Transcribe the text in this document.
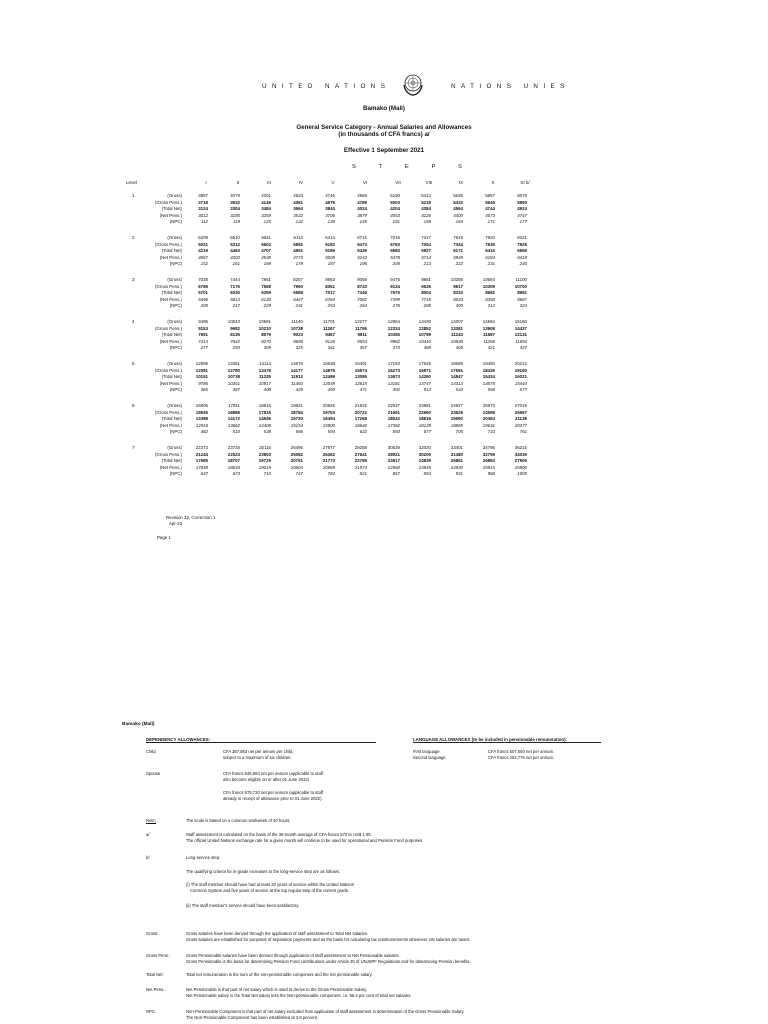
UNITED NATIONS	NATIONS UNIES
Bamako (Mali)
General Service Category - Annual Salaries and Allowances
(in thousands of CFA francs) a/
Effective 1 September 2021
S	T	E	P	S
Level	I	II	III	IV	V	VI	VII	VIII	IX	X	XI b/
1	(Gross)	3857	4079	4301	4523	4746	4968	5190	5412	5635	5857	6079
(Gross Pens.)	3718	3932	4146	4361	4575	4789	5003	5218	5432	5646	5860
(Total Net)	3124	3304	3484	3664	3844	4024	4204	4384	4564	4744	4924
(Net Pens.)	3012	3185	3359	3532	3706	3879	4053	4226	4400	4573	4747
(NPC)	112	119	125	132	138	145	151	158	164	171	177
2	(Gross)	5209	5510	5811	6112	6414	6715	7016	7317	7619	7920	8221
(Gross Pens.)	5021	5312	5602	5892	6183	6473	6763	7054	7344	7635	7925
(Total Net)	4219	4463	4707	4951	5195	5439	5683	5927	6171	6415	6659
(Net Pens.)	4067	4302	4538	4773	5008	5243	5478	5714	5949	6184	6419
(NPC)	152	161	169	178	187	196	205	213	222	231	240
3	(Gross)	7038	7444	7851	8257	8663	9069	9475	9881	10288	10694	11100
(Gross Pens.)	6785	7176	7568	7960	8351	8743	9134	9526	9917	10309	10700
(Total Net)	5701	6030	6359	6688	7017	7346	7675	8004	8333	8662	8991
(Net Pens.)	5496	5813	6130	6447	6764	7082	7399	7716	8033	8350	8667
(NPC)	205	217	229	241	253	264	276	288	300	312	324
4	(Gross)	9495	10043	10591	11140	11701	12277	12854	13430	14007	14584	15160
(Gross Pens.)	9153	9682	10210	10738	11267	11795	12324	12852	13381	13909	14437
(Total Net)	7691	8135	8579	9023	9467	9911	10355	10799	11243	11687	12131
(Net Pens.)	7414	7842	8270	8698	9126	9554	9982	10410	10838	11266	11694
(NPC)	277	293	309	325	341	357	373	389	405	421	437
5	(Gross)	12589	13351	14114	14876	15638	16401	17163	17925	18688	19450	20212
(Gross Pens.)	12081	12780	13478	14177	14875	15574	16273	16971	17691	18426	19160
(Total Net)	10151	10738	11325	11912	12499	13086	13673	14260	14847	15434	16021
(Net Pens.)	9786	10351	10917	11483	12049	12615	13181	13747	14313	14878	15444
(NPC)	365	387	408	429	450	471	492	513	534	556	577
6	(Gross)	16806	17811	18816	19821	20826	21832	22837	23881	24927	25973	27019
(Gross Pens.)	15945	16886	17815	18784	19753	20722	21691	22660	23629	24598	25567
(Total Net)	13398	14172	14946	15720	16494	17268	18042	18816	19590	20364	21138
(Net Pens.)	12916	13662	14408	15154	15900	16646	17392	18139	18885	19631	20377
(NPC)	482	510	538	566	594	622	650	677	705	733	761
7	(Gross)	22373	23734	25115	26496	27877	29258	30639	32020	33401	34795	36215
(Gross Pens.)	21244	22523	23803	25082	26362	27641	28921	30200	31480	32759	34039
(Total Net)	17685	18707	19729	20751	21773	22795	23817	24839	25861	26883	27905
(Net Pens.)	17048	18034	19019	20004	20989	21974	22960	23945	24930	25915	26900
(NPC)	637	673	710	747	784	821	857	894	931	968	1005
Revision 32, Correction 1
Apr-22
Page 1
Bamako (Mali)
DEPENDENCY ALLOWANCES:	LANGUAGE ALLOWANCES (to be included in pensionable remuneration):
Child	CFA 387,863 net per annum per child,
subject to a maximum of six children.
Spouse	CFA francs 645,864 net per annum (applicable to staff
who become eligible on or after 01 June 2022).
CFA francs 679,720 net per annum (applicable to staff
already in receipt of allowance prior to 01 June 2022).
First language	CFA francs 507,550 net per annum.
Second language	CFA francs 253,775 net per annum.
Note:	The scale is based on a common workweek of 40 hours.
a/	Staff assessment is calculated on the basis of the 36-month average of CFA francs 572 to US$ 1.00.
The official United Nations exchange rate for a given month will continue to be used for operational and Pension Fund purposes.
b/	Long-service step:
The qualifying criteria for in-grade increases to the long-service step are as follows:
(i) The staff member should have had at least 20 years of service within the United Nations
Common System and five years of service at the top regular step of the current grade.
(ii) The staff member's service should have been satisfactory.
Gross:	Gross salaries have been derived through the application of staff assessment to Total Net salaries.
Gross salaries are established for purposes of separation payments and as the basis for calculating tax reimbursements whenever UN salaries are taxed.
Gross Pens.:	Gross Pensionable salaries have been derived through application of staff assessment to Net Pensionable salaries.
Gross Pensionable is the basis for determining Pension Fund contributions under Article 25 of UNJSPF Regulations and for determining Pension benefits.
Total Net:	Total net remuneration is the sum of the non-pensionable component and the net pensionable salary.
Net Pens.:	Net Pensionable is that part of net salary which is used to derive to the Gross Pensionable Salary.
Net Pensionable salary is the Total Net salary less the Non-pensionable component, i.e. 96.4 per cent of total net salaries.
NPC:	Non-Pensionable Component is that part of net salary excluded from application of staff assessment in determination of the Gross Pensionable Salary.
The Non-Pensionable Component has been established at 3.6 percent.
